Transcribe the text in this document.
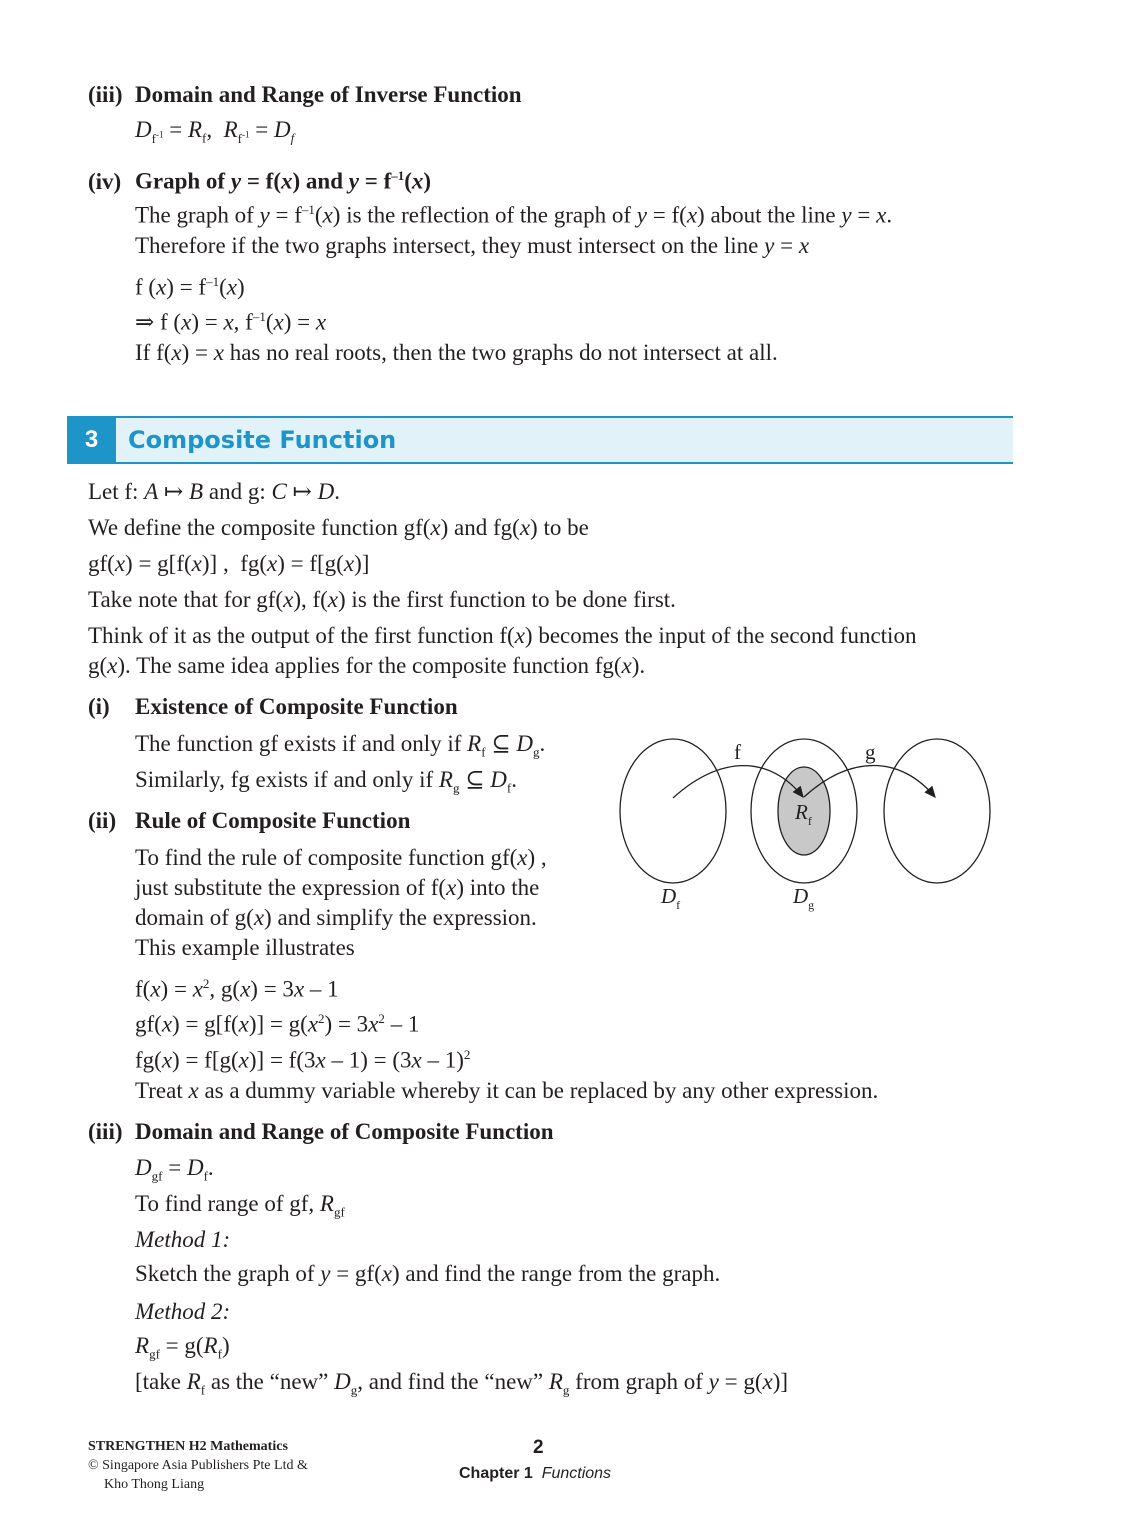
(iii) Domain and Range of Inverse Function
$D_{f^{-1}} = R_f$,  $R_{f^{-1}} = D_f$
(iv) Graph of y = f(x) and $y = f^{-1}(x)$
The graph of $y = f^{-1}(x)$ is the reflection of the graph of y = f(x) about the line y = x.
Therefore if the two graphs intersect, they must intersect on the line y = x
f $(x) = f^{-1}(x)$
⇒ f (x) = x, $f^{-1}(x) = x$
If f(x) = x has no real roots, then the two graphs do not intersect at all.
3	Composite Function
Let f: A ↦ B and g: C ↦ D.
We define the composite function gf(x) and fg(x) to be
gf(x) = g[f(x)] ,  fg(x) = f[g(x)]
Take note that for gf(x), f(x) is the first function to be done first.
Think of it as the output of the first function f(x) becomes the input of the second function
g(x). The same idea applies for the composite function fg(x).
(i) Existence of Composite Function
The function gf exists if and only if $R_f$ ⊆ $D_g$.
Similarly, fg exists if and only if $R_g$ ⊆ $D_f$.
(ii) Rule of Composite Function
To find the rule of composite function gf(x) ,
just substitute the expression of f(x) into the
domain of g(x) and simplify the expression.
This example illustrates
$f(x) = x^2$, g(x) = 3x – 1
$gf(x) = g[f(x)] = g(x^2) = 3x^2 - 1$
fg(x) = f[g(x)] = f(3x – 1) = (3x – 1)$^2$
Treat x as a dummy variable whereby it can be replaced by any other expression.
(iii) Domain and Range of Composite Function
$D_{gf} = D_f$.
To find range of gf, $R_{gf}$
Method 1:
Sketch the graph of y = gf(x) and find the range from the graph.
Method 2:
$R_{gf} = g(R_f)$
[take $R_f$ as the “new” $D_g$, and find the “new” $R_g$ from graph of y = g(x)]
f	g
$R_f$
$D_f$	$D_g$
STRENGTHEN H2 Mathematics
© Singapore Asia Publishers Pte Ltd &
Kho Thong Liang
2
Chapter 1 Functions
